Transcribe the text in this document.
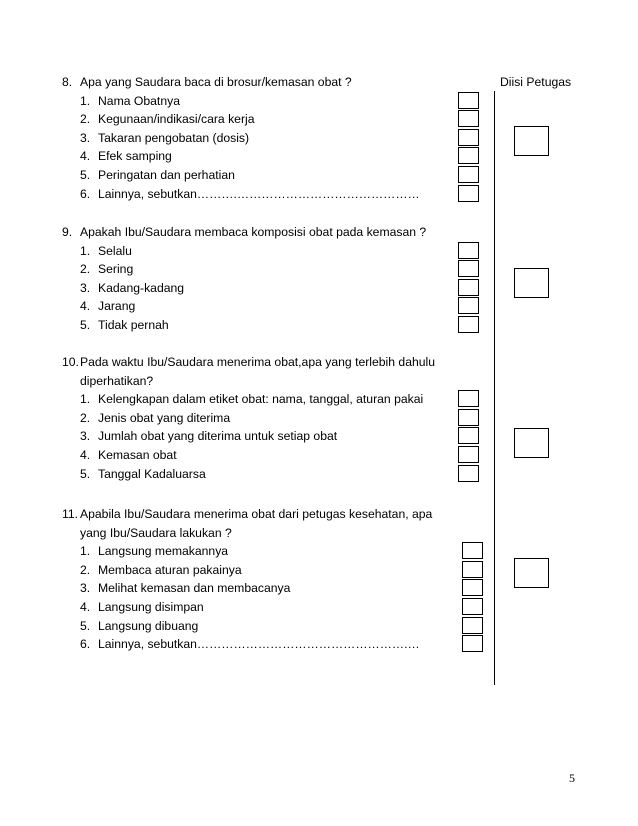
Diisi Petugas
8. Apa yang Saudara baca di brosur/kemasan obat ?
1. Nama Obatnya
2. Kegunaan/indikasi/cara kerja
3. Takaran pengobatan (dosis)
4. Efek samping
5. Peringatan dan perhatian
6. Lainnya, sebutkan……….………………………………………
9. Apakah Ibu/Saudara membaca komposisi obat pada kemasan ?
1. Selalu
2. Sering
3. Kadang-kadang
4. Jarang
5. Tidak pernah
10. Pada waktu Ibu/Saudara menerima obat,apa yang terlebih dahulu
diperhatikan?
1. Kelengkapan dalam etiket obat: nama, tanggal, aturan pakai
2. Jenis obat yang diterima
3. Jumlah obat yang diterima untuk setiap obat
4. Kemasan obat
5. Tanggal Kadaluarsa
11. Apabila Ibu/Saudara menerima obat dari petugas kesehatan, apa
yang Ibu/Saudara lakukan ?
1. Langsung memakannya
2. Membaca aturan pakainya
3. Melihat kemasan dan membacanya
4. Langsung disimpan
5. Langsung dibuang
6. Lainnya, sebutkan…………………………………………….…
5
